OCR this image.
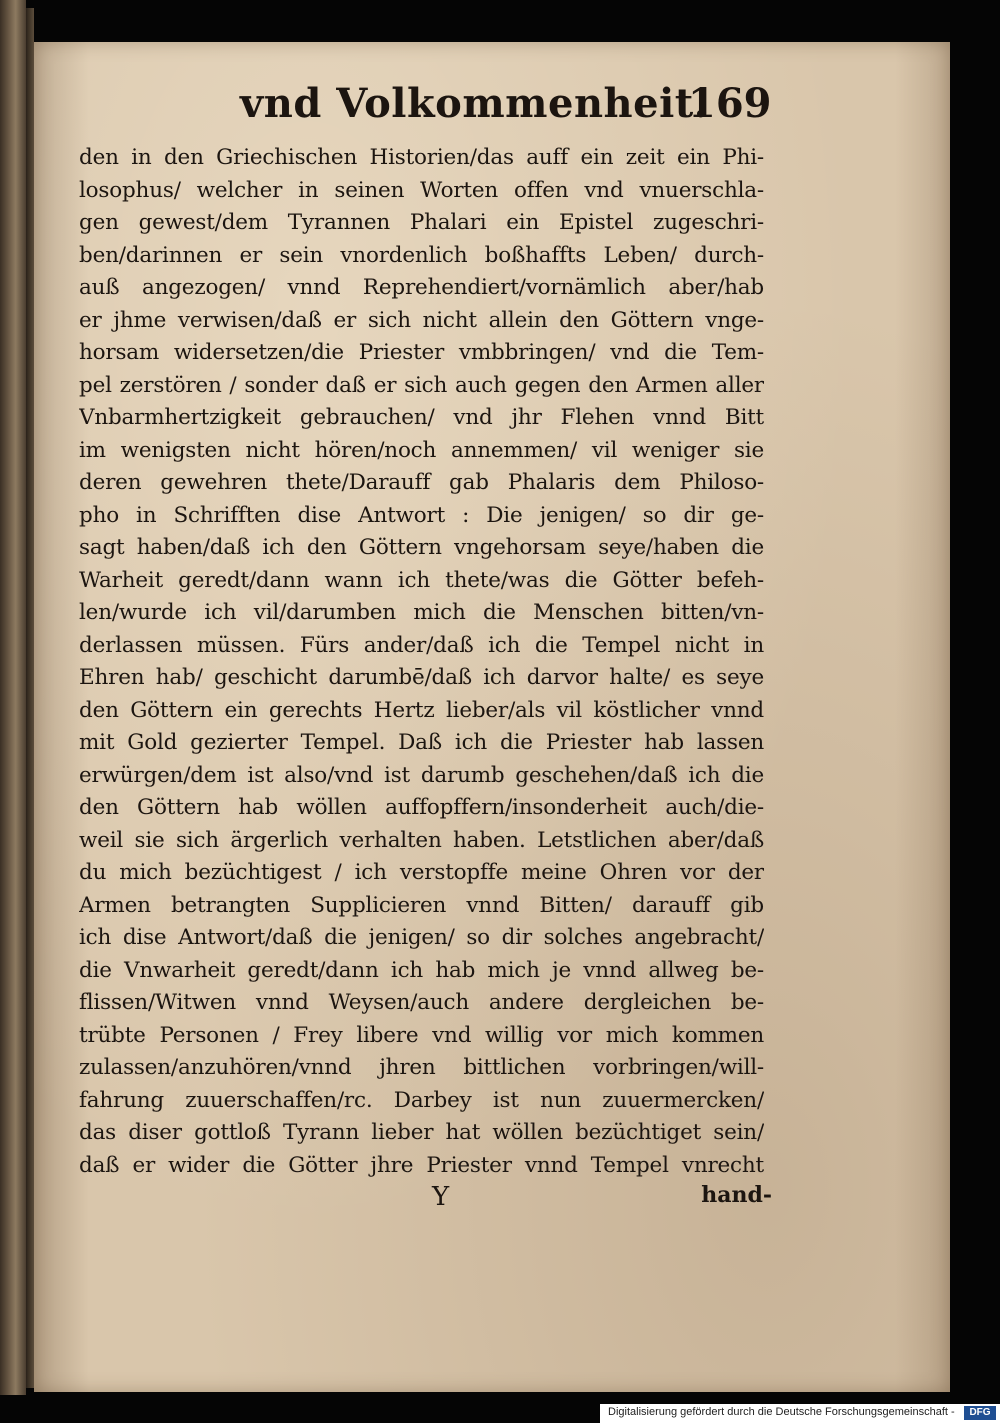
vnd Volkommenheit.
169
den in den Griechischen Historien/das auff ein zeit ein Phi-
losophus/ welcher in seinen Worten offen vnd vnuerschla-
gen gewest/dem Tyrannen Phalari ein Epistel zugeschri-
ben/darinnen er sein vnordenlich boßhaffts Leben/ durch-
auß angezogen/ vnnd Reprehendiert/vornämlich aber/hab
er jhme verwisen/daß er sich nicht allein den Göttern vnge-
horsam widersetzen/die Priester vmbbringen/ vnd die Tem-
pel zerstören / sonder daß er sich auch gegen den Armen aller
Vnbarmhertzigkeit gebrauchen/ vnd jhr Flehen vnnd Bitt
im wenigsten nicht hören/noch annemmen/ vil weniger sie
deren gewehren thete/Darauff gab Phalaris dem Philoso-
pho in Schrifften dise Antwort : Die jenigen/ so dir ge-
sagt haben/daß ich den Göttern vngehorsam seye/haben die
Warheit geredt/dann wann ich thete/was die Götter befeh-
len/wurde ich vil/darumben mich die Menschen bitten/vn-
derlassen müssen. Fürs ander/daß ich die Tempel nicht in
Ehren hab/ geschicht darumbē/daß ich darvor halte/ es seye
den Göttern ein gerechts Hertz lieber/als vil köstlicher vnnd
mit Gold gezierter Tempel. Daß ich die Priester hab lassen
erwürgen/dem ist also/vnd ist darumb geschehen/daß ich die
den Göttern hab wöllen auffopffern/insonderheit auch/die-
weil sie sich ärgerlich verhalten haben. Letstlichen aber/daß
du mich bezüchtigest / ich verstopffe meine Ohren vor der
Armen betrangten Supplicieren vnnd Bitten/ darauff gib
ich dise Antwort/daß die jenigen/ so dir solches angebracht/
die Vnwarheit geredt/dann ich hab mich je vnnd allweg be-
flissen/Witwen vnnd Weysen/auch andere dergleichen be-
trübte Personen / Frey libere vnd willig vor mich kommen
zulassen/anzuhören/vnnd jhren bittlichen vorbringen/will-
fahrung zuuerschaffen/rc. Darbey ist nun zuuermercken/
das diser gottloß Tyrann lieber hat wöllen bezüchtiget sein/
daß er wider die Götter jhre Priester vnnd Tempel vnrecht
Y	hand-
Digitalisierung gefördert durch die Deutsche Forschungsgemeinschaft -	DFG
